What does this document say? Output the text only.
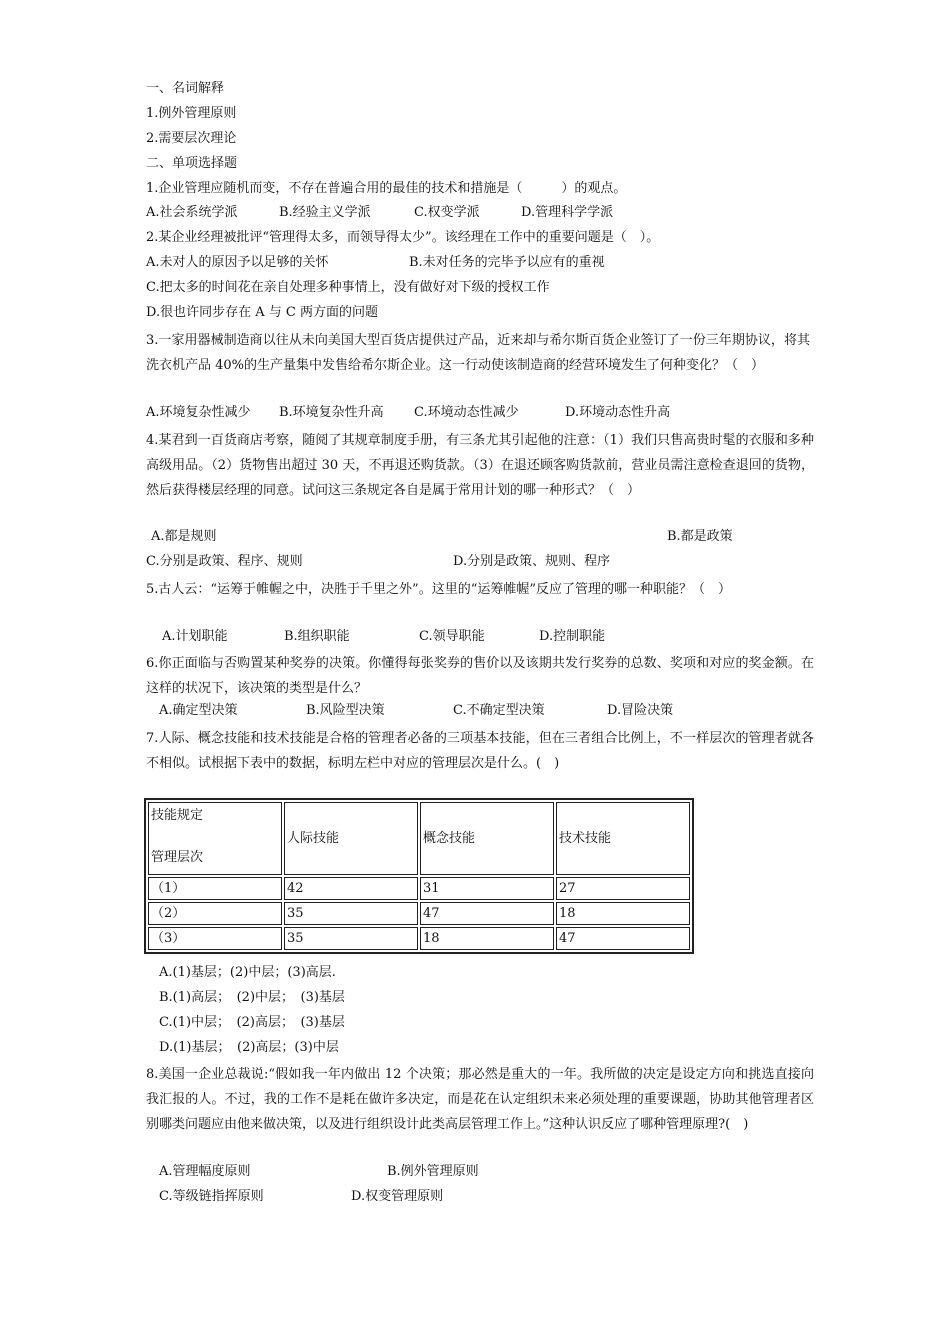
一、名词解释
1.例外管理原则
2.需要层次理论
二、单项选择题
1.企业管理应随机而变，不存在普遍合用的最佳的技术和措施是（　　　）的观点。
A.社会系统学派	B.经验主义学派	C.权变学派	D.管理科学学派
2.某企业经理被批评“管理得太多，而领导得太少”。该经理在工作中的重要问题是（　）。
A.未对人的原因予以足够的关怀	B.未对任务的完毕予以应有的重视
C.把太多的时间花在亲自处理多种事情上，没有做好对下级的授权工作
D.很也许同步存在 A 与 C 两方面的问题
3.一家用器械制造商以往从未向美国大型百货店提供过产品，近来却与希尔斯百货企业签订了一份三年期协议，将其洗衣机产品 40%的生产量集中发售给希尔斯企业。这一行动使该制造商的经营环境发生了何种变化？（　）
A.环境复杂性减少 B.环境复杂性升高 C.环境动态性减少	D.环境动态性升高
4.某君到一百货商店考察，随阅了其规章制度手册，有三条尤其引起他的注意：（1）我们只售高贵时髦的衣服和多种高级用品。（2）货物售出超过 30 天，不再退还购货款。（3）在退还顾客购货款前，营业员需注意检查退回的货物，然后获得楼层经理的同意。试问这三条规定各自是属于常用计划的哪一种形式？（　）
A.都是规则	B.都是政策
C.分别是政策、程序、规则	D.分别是政策、规则、程序
5.古人云：“运筹于帷幄之中，决胜于千里之外”。这里的“运筹帷幄”反应了管理的哪一种职能？（　）
A.计划职能	B.组织职能	C.领导职能	D.控制职能
6.你正面临与否购置某种奖券的决策。你懂得每张奖券的售价以及该期共发行奖券的总数、奖项和对应的奖金额。在这样的状况下，该决策的类型是什么？
A.确定型决策	B.风险型决策	C.不确定型决策	D.冒险决策
7.人际、概念技能和技术技能是合格的管理者必备的三项基本技能，但在三者组合比例上，不一样层次的管理者就各不相似。试根据下表中的数据，标明左栏中对应的管理层次是什么。(　)
技能规定
管理层次	人际技能	概念技能	技术技能
（1）	42	31	27
（2）	35	47	18
（3）	35	18	47
A.(1)基层；(2)中层；(3)高层.
B.(1)高层；　(2)中层；　(3)基层
C.(1)中层；　(2)高层；　(3)基层
D.(1)基层；　(2)高层；(3)中层
8.美国一企业总裁说:“假如我一年内做出 12 个决策；那必然是重大的一年。我所做的决定是设定方向和挑选直接向我汇报的人。不过，我的工作不是耗在做许多决定，而是花在认定组织未来必须处理的重要课题，协助其他管理者区别哪类问题应由他来做决策，以及进行组织设计此类高层管理工作上。”这种认识反应了哪种管理原理?(　)
A.管理幅度原则	B.例外管理原则
C.等级链指挥原则	D.权变管理原则
